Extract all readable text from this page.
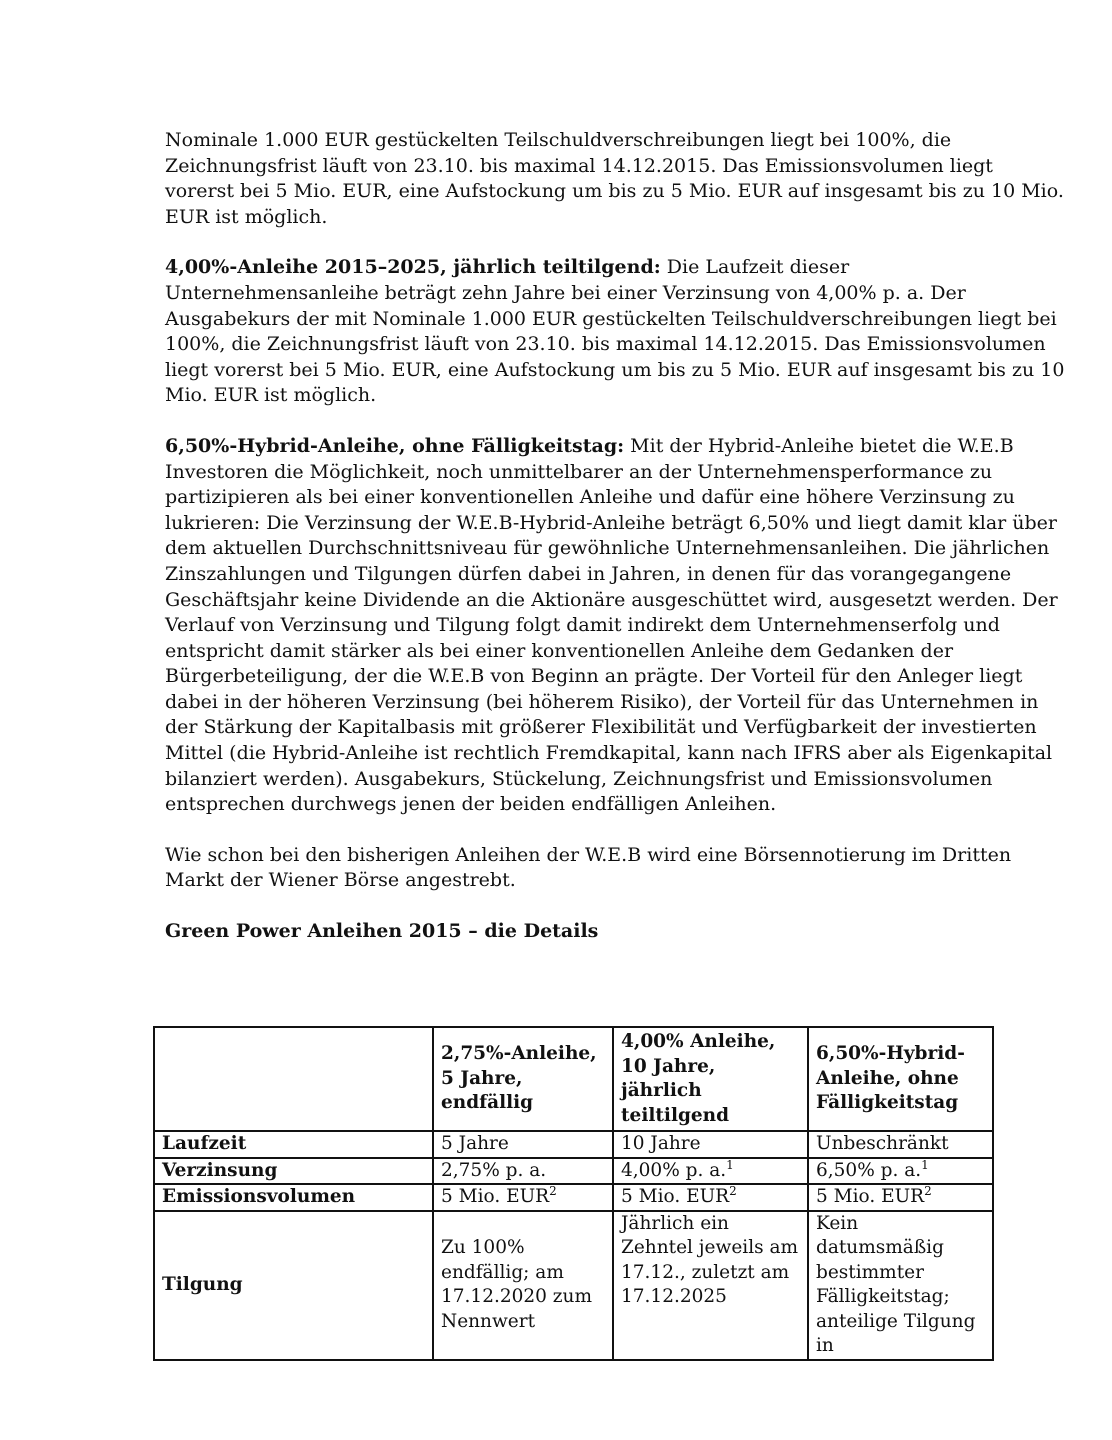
Nominale 1.000 EUR gestückelten Teilschuldverschreibungen liegt bei 100%, die Zeichnungsfrist läuft von 23.10. bis maximal 14.12.2015. Das Emissionsvolumen liegt vorerst bei 5 Mio. EUR, eine Aufstockung um bis zu 5 Mio. EUR auf insgesamt bis zu 10 Mio. EUR ist möglich.

4,00%-Anleihe 2015–2025, jährlich teiltilgend: Die Laufzeit dieser Unternehmensanleihe beträgt zehn Jahre bei einer Verzinsung von 4,00% p. a. Der Ausgabekurs der mit Nominale 1.000 EUR gestückelten Teilschuldverschreibungen liegt bei 100%, die Zeichnungsfrist läuft von 23.10. bis maximal 14.12.2015. Das Emissionsvolumen liegt vorerst bei 5 Mio. EUR, eine Aufstockung um bis zu 5 Mio. EUR auf insgesamt bis zu 10 Mio. EUR ist möglich.

6,50%-Hybrid-Anleihe, ohne Fälligkeitstag: Mit der Hybrid-Anleihe bietet die W.E.B Investoren die Möglichkeit, noch unmittelbarer an der Unternehmensperformance zu partizipieren als bei einer konventionellen Anleihe und dafür eine höhere Verzinsung zu lukrieren: Die Verzinsung der W.E.B-Hybrid-Anleihe beträgt 6,50% und liegt damit klar über dem aktuellen Durchschnittsniveau für gewöhnliche Unternehmensanleihen. Die jährlichen Zinszahlungen und Tilgungen dürfen dabei in Jahren, in denen für das vorangegangene Geschäftsjahr keine Dividende an die Aktionäre ausgeschüttet wird, ausgesetzt werden. Der Verlauf von Verzinsung und Tilgung folgt damit indirekt dem Unternehmenserfolg und entspricht damit stärker als bei einer konventionellen Anleihe dem Gedanken der Bürgerbeteiligung, der die W.E.B von Beginn an prägte. Der Vorteil für den Anleger liegt dabei in der höheren Verzinsung (bei höherem Risiko), der Vorteil für das Unternehmen in der Stärkung der Kapitalbasis mit größerer Flexibilität und Verfügbarkeit der investierten Mittel (die Hybrid-Anleihe ist rechtlich Fremdkapital, kann nach IFRS aber als Eigenkapital bilanziert werden). Ausgabekurs, Stückelung, Zeichnungsfrist und Emissionsvolumen entsprechen durchwegs jenen der beiden endfälligen Anleihen.

Wie schon bei den bisherigen Anleihen der W.E.B wird eine Börsennotierung im Dritten Markt der Wiener Börse angestrebt.

Green Power Anleihen 2015 – die Details
	2,75%-Anleihe, 5 Jahre, endfällig	4,00% Anleihe, 10 Jahre, jährlich teiltilgend	6,50%-Hybrid-Anleihe, ohne Fälligkeitstag
Laufzeit	5 Jahre	10 Jahre	Unbeschränkt
Verzinsung	2,75% p. a.	4,00% p. a.$^1$	6,50% p. a.$^1$
Emissionsvolumen	5 Mio. EUR$^2$	5 Mio. EUR$^2$	5 Mio. EUR$^2$
Tilgung	Zu 100% endfällig; am 17.12.2020 zum Nennwert	Jährlich ein Zehntel jeweils am 17.12., zuletzt am 17.12.2025	Kein datumsmäßig bestimmter Fälligkeitstag; anteilige Tilgung in
